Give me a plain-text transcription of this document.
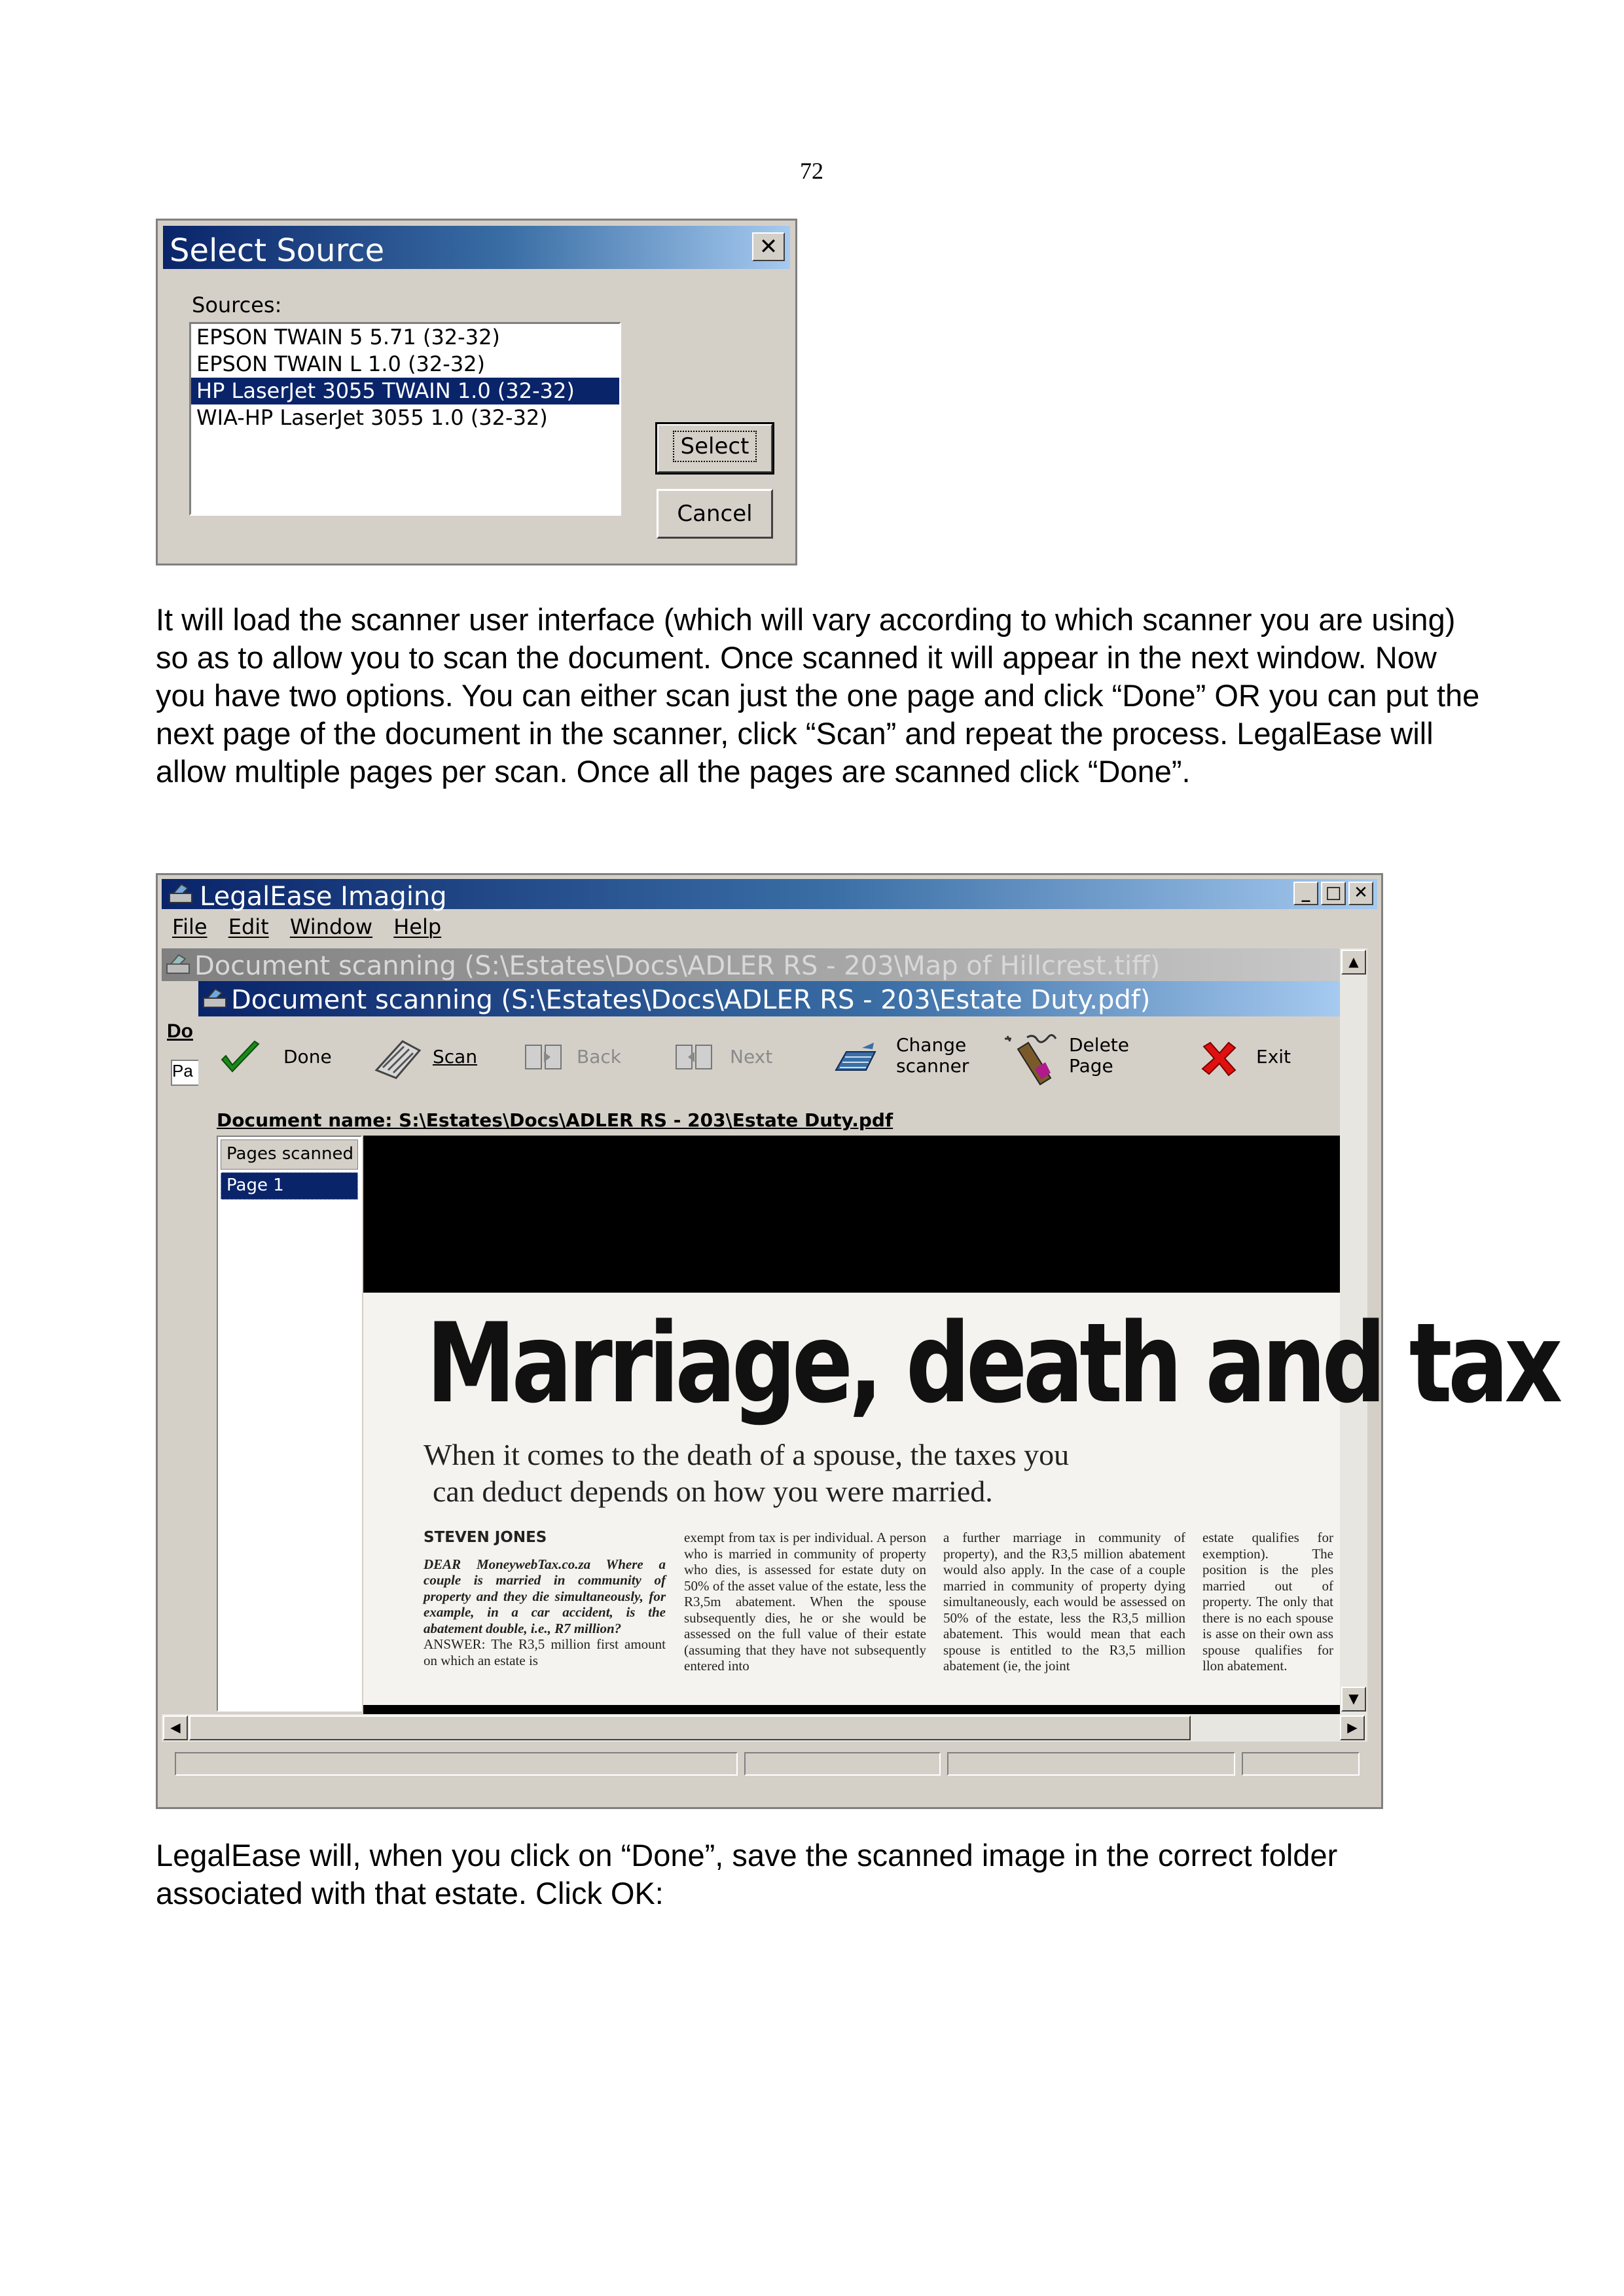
72
Select Source	✕
Sources:
EPSON TWAIN 5 5.71 (32-32)
EPSON TWAIN L 1.0 (32-32)
HP LaserJet 3055 TWAIN 1.0 (32-32)
WIA-HP LaserJet 3055 1.0 (32-32)
Select
Cancel

It will load the scanner user interface (which will vary according to which scanner you are using) so as to allow you to scan the document. Once scanned it will appear in the next window. Now you have two options. You can either scan just the one page and click “Done” OR you can put the next page of the document in the scanner, click “Scan” and repeat the process. LegalEase will allow multiple pages per scan. Once all the pages are scanned click “Done”.

LegalEase Imaging	_ □ ✕
File Edit Window Help
Document scanning (S:\Estates\Docs\ADLER RS - 203\Map of Hillcrest.tiff)
Do
Pa
▲
▼
Document scanning (S:\Estates\Docs\ADLER RS - 203\Estate Duty.pdf)
Done	Scan	Back	Next
Change
scanner
Delete
Page	Exit
Document name: S:\Estates\Docs\ADLER RS - 203\Estate Duty.pdf
Pages scanned
Page 1
Marriage, death and tax
When it comes to the death of a spouse, the taxes you
can deduct depends on how you were married.
STEVEN JONES
DEAR MoneywebTax.co.za Where a couple is married in community of property and they die simultaneously, for example, in a car accident, is the abatement double, i.e., R7 million?
ANSWER: The R3,5 million first amount on which an estate is
exempt from tax is per individual. A person who is married in community of property who dies, is assessed for estate duty on 50% of the asset value of the estate, less the R3,5m abatement. When the spouse subsequently dies, he or she would be assessed on the full value of their estate (assuming that they have not subsequently entered into
a further marriage in community of property), and the R3,5 million abatement would also apply. In the case of a couple married in community of property dying simultaneously, each would be assessed on 50% of the estate, less the R3,5 million abatement. This would mean that each spouse is entitled to the R3,5 million abatement (ie, the joint
estate qualifies for exemption). The position is the ples married out of property. The only that there is no each spouse is asse on their own ass spouse qualifies for llon abatement.
◀	▶

LegalEase will, when you click on “Done”, save the scanned image in the correct folder associated with that estate. Click OK:
